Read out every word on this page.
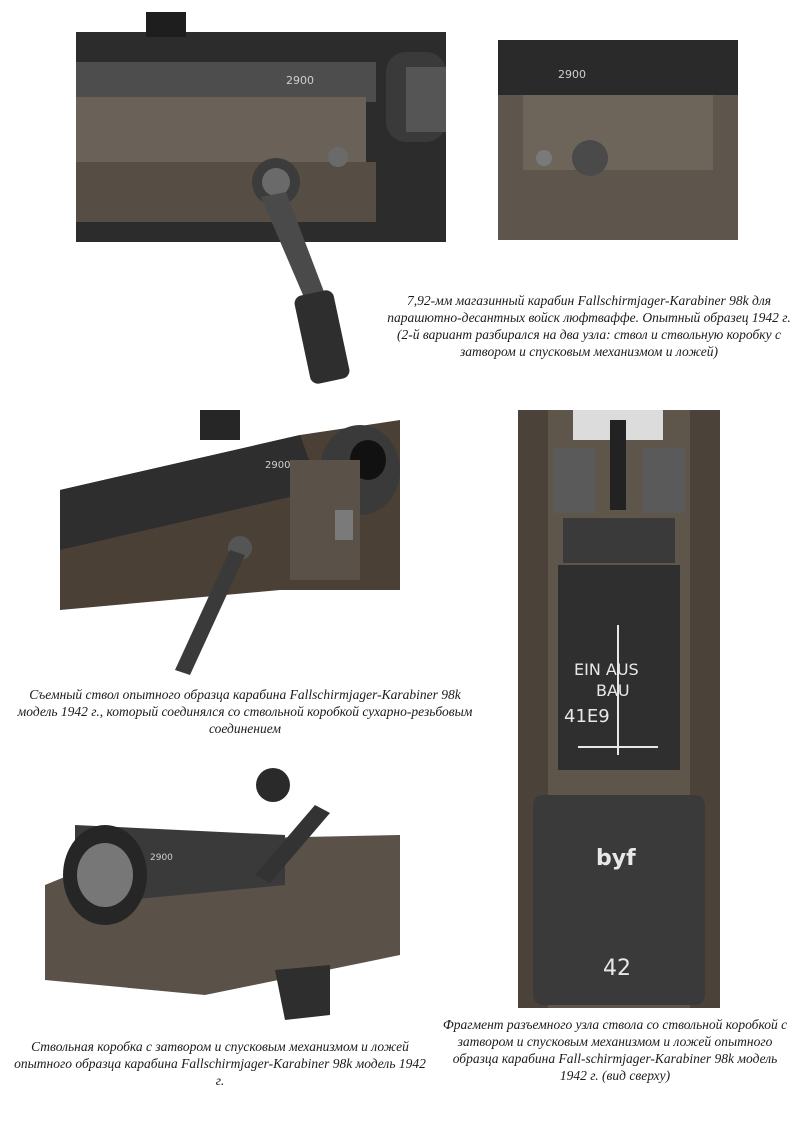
2900	2900
7,92-мм магазинный карабин Fallschirmjager-Karabiner 98k для парашютно-десантных войск люфтваффе. Опытный образец 1942 г. (2-й вариант разбирался на два узла: ствол и ствольную коробку с затвором и спусковым механизмом и ложей)
2900
Съемный ствол опытного образца карабина Fallschirmjager-Karabiner 98k модель 1942 г., который соединялся со ствольной коробкой сухарно-резьбовым соединением
EIN AUS
BAU
41E9
byf
42
2900
Ствольная коробка с затвором и спусковым механизмом и ложей опытного образца карабина Fallschirmjager-Karabiner 98k модель 1942 г.
Фрагмент разъемного узла ствола со ствольной коробкой с затвором и спусковым механизмом и ложей опытного образца карабина Fall-schirmjager-Karabiner 98k модель 1942 г. (вид сверху)
